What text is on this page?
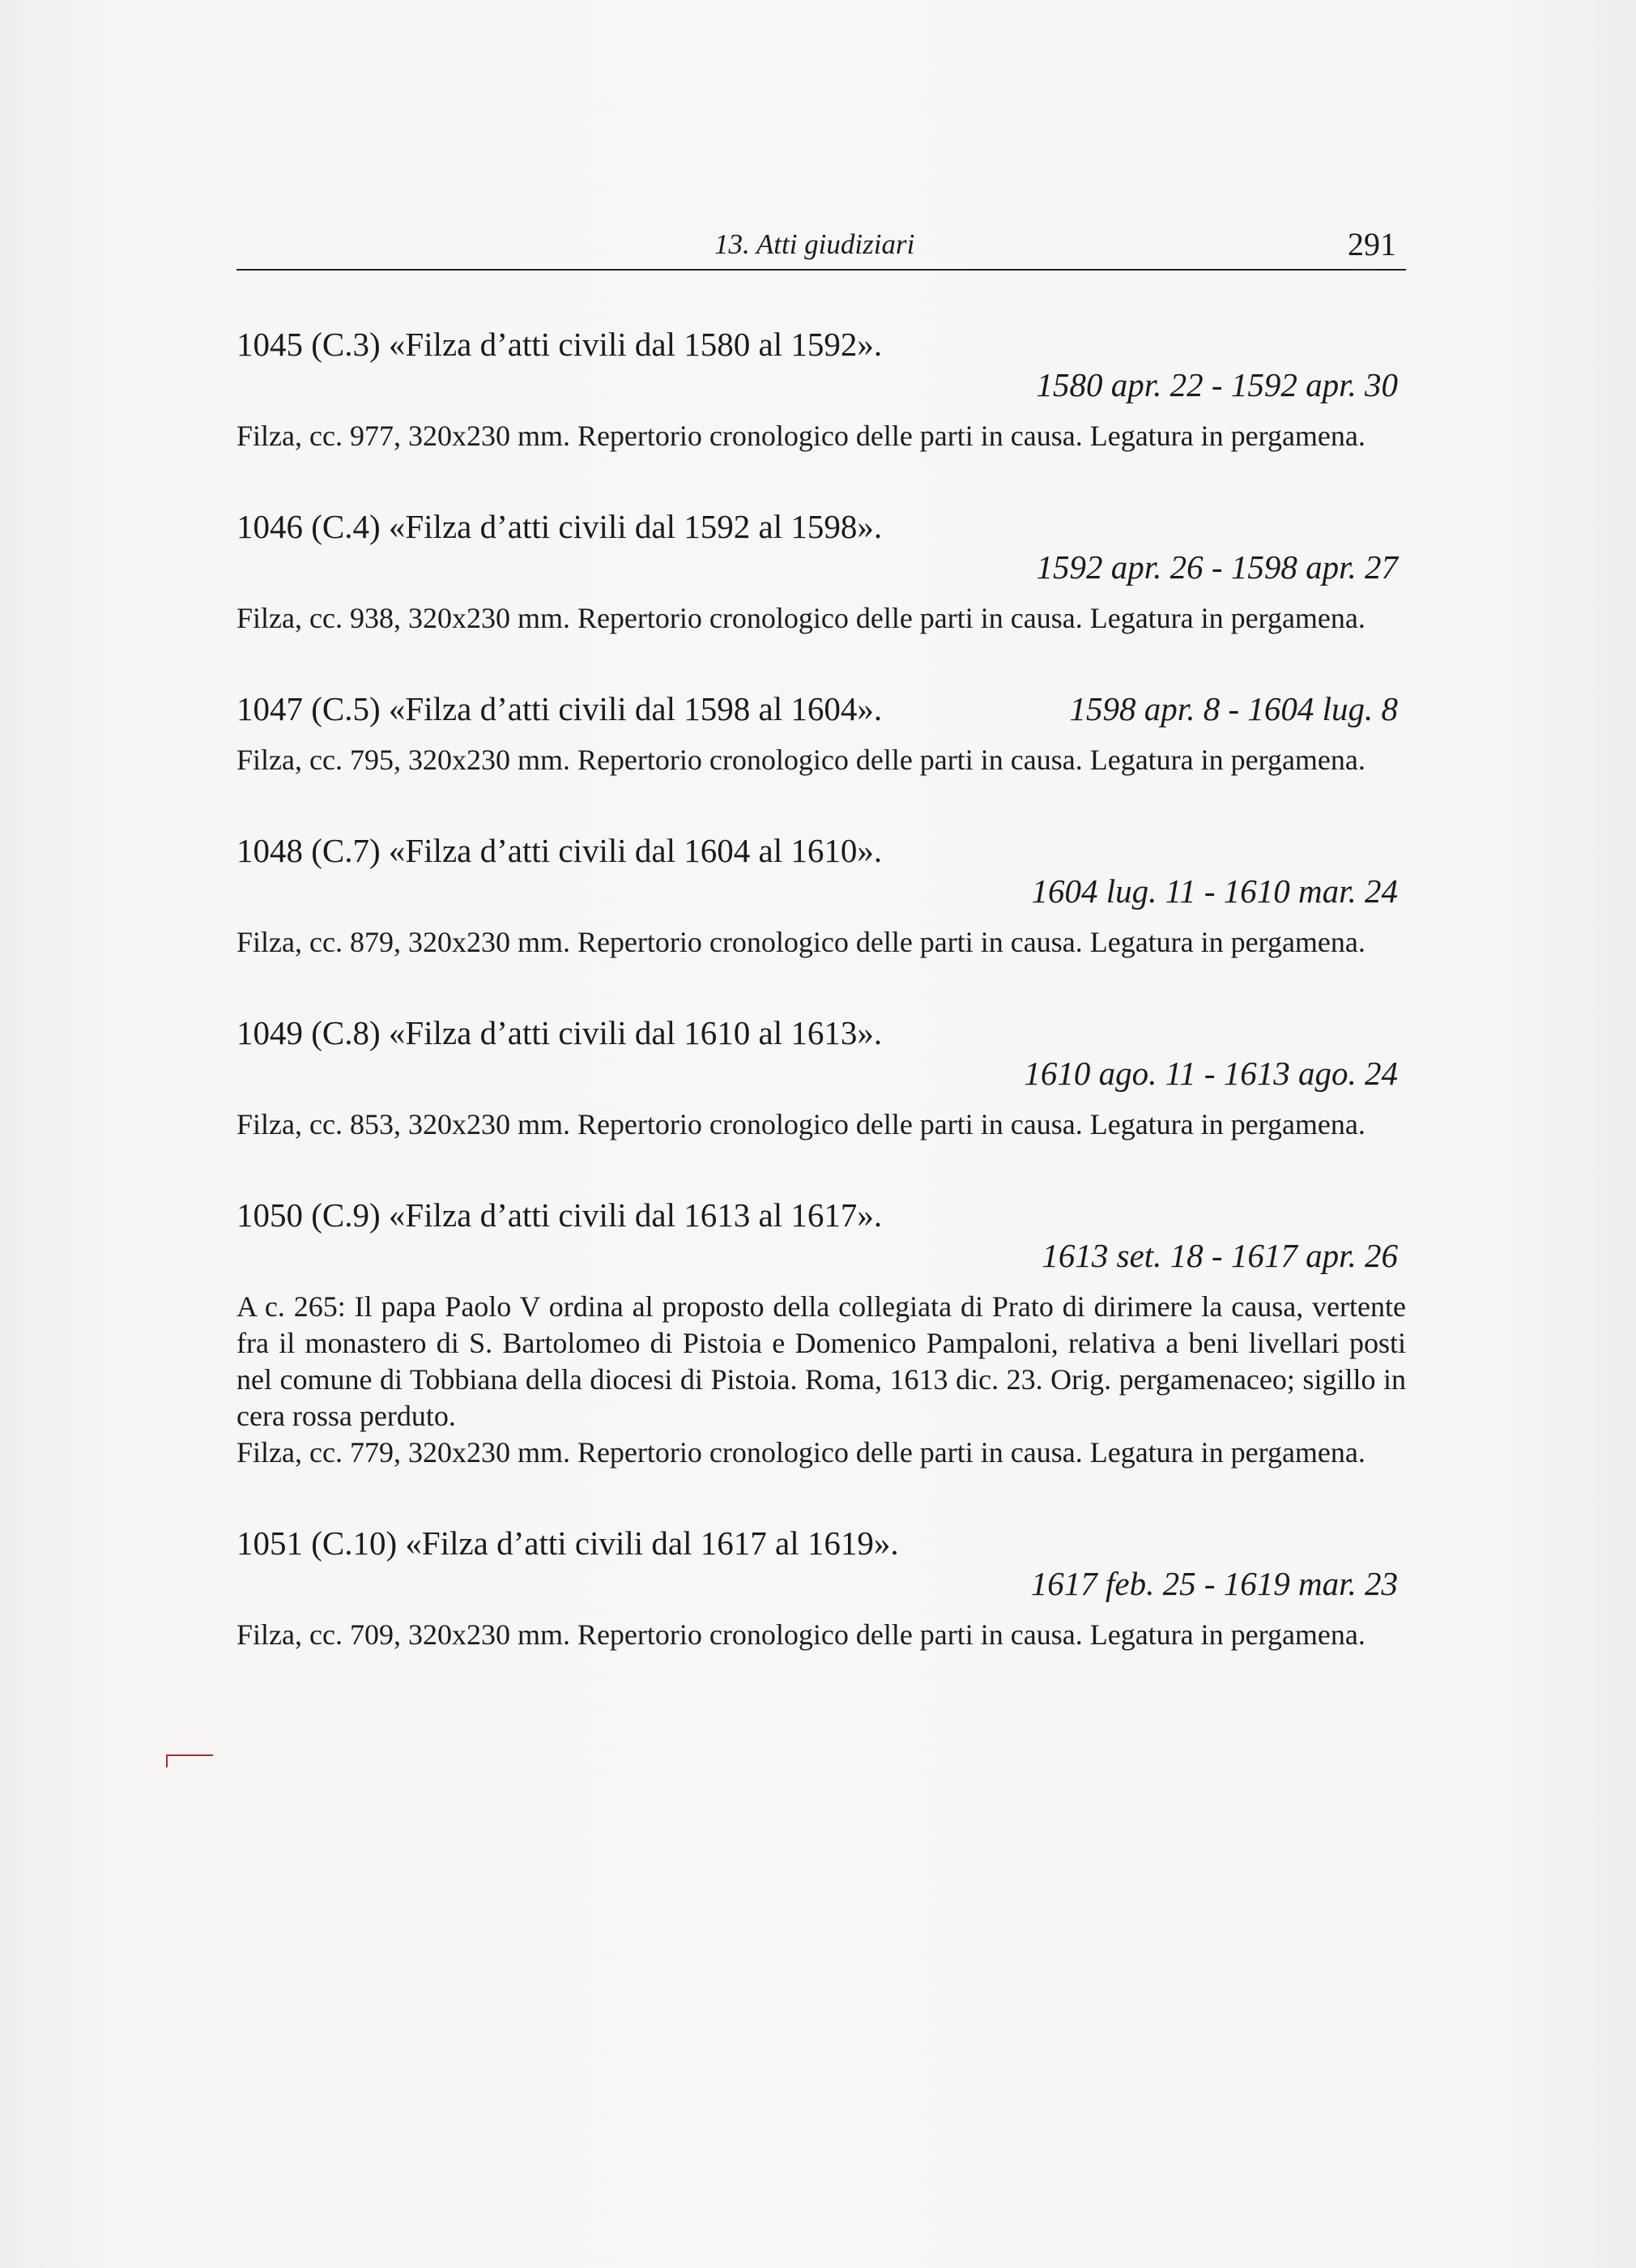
13. Atti giudiziari	291
1045 (C.3) «Filza d’atti civili dal 1580 al 1592».
1580 apr. 22 - 1592 apr. 30
Filza, cc. 977, 320x230 mm. Repertorio cronologico delle parti in causa. Legatura in pergamena.
1046 (C.4) «Filza d’atti civili dal 1592 al 1598».
1592 apr. 26 - 1598 apr. 27
Filza, cc. 938, 320x230 mm. Repertorio cronologico delle parti in causa. Legatura in pergamena.
1047 (C.5) «Filza d’atti civili dal 1598 al 1604».	1598 apr. 8 - 1604 lug. 8
Filza, cc. 795, 320x230 mm. Repertorio cronologico delle parti in causa. Legatura in pergamena.
1048 (C.7) «Filza d’atti civili dal 1604 al 1610».
1604 lug. 11 - 1610 mar. 24
Filza, cc. 879, 320x230 mm. Repertorio cronologico delle parti in causa. Legatura in pergamena.
1049 (C.8) «Filza d’atti civili dal 1610 al 1613».
1610 ago. 11 - 1613 ago. 24
Filza, cc. 853, 320x230 mm. Repertorio cronologico delle parti in causa. Legatura in pergamena.
1050 (C.9) «Filza d’atti civili dal 1613 al 1617».
1613 set. 18 - 1617 apr. 26
A c. 265: Il papa Paolo V ordina al proposto della collegiata di Prato di dirimere la causa, vertente fra il monastero di S. Bartolomeo di Pistoia e Domenico Pampaloni, relativa a beni livellari posti nel comune di Tobbiana della diocesi di Pistoia. Roma, 1613 dic. 23. Orig. pergamenaceo; sigillo in cera rossa perduto.
Filza, cc. 779, 320x230 mm. Repertorio cronologico delle parti in causa. Legatura in pergamena.
1051 (C.10) «Filza d’atti civili dal 1617 al 1619».
1617 feb. 25 - 1619 mar. 23
Filza, cc. 709, 320x230 mm. Repertorio cronologico delle parti in causa. Legatura in pergamena.
